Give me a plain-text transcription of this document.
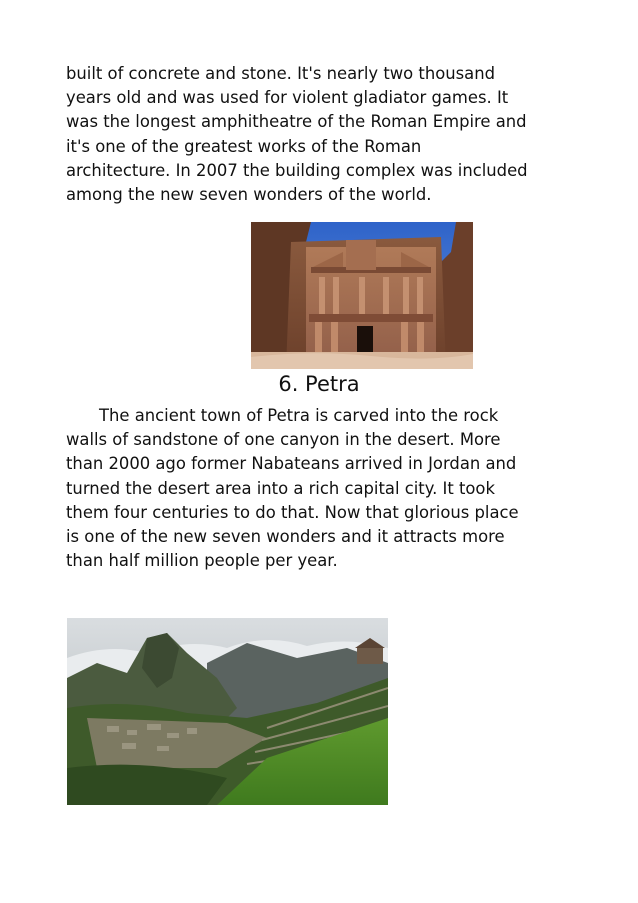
built of concrete and stone. It's nearly two thousand
years old and was used for violent gladiator games. It
was the longest amphitheatre of the Roman Empire and
it's one of the greatest works of the Roman
architecture. In 2007 the building complex was included
among the new seven wonders of the world.

6. Petra

The ancient town of Petra is carved into the rock
walls of sandstone of one canyon in the desert. More
than 2000 ago former Nabateans arrived in Jordan and
turned the desert area into a rich capital city. It took
them four centuries to do that. Now that glorious place
is one of the new seven wonders and it attracts more
than half million people per year.
